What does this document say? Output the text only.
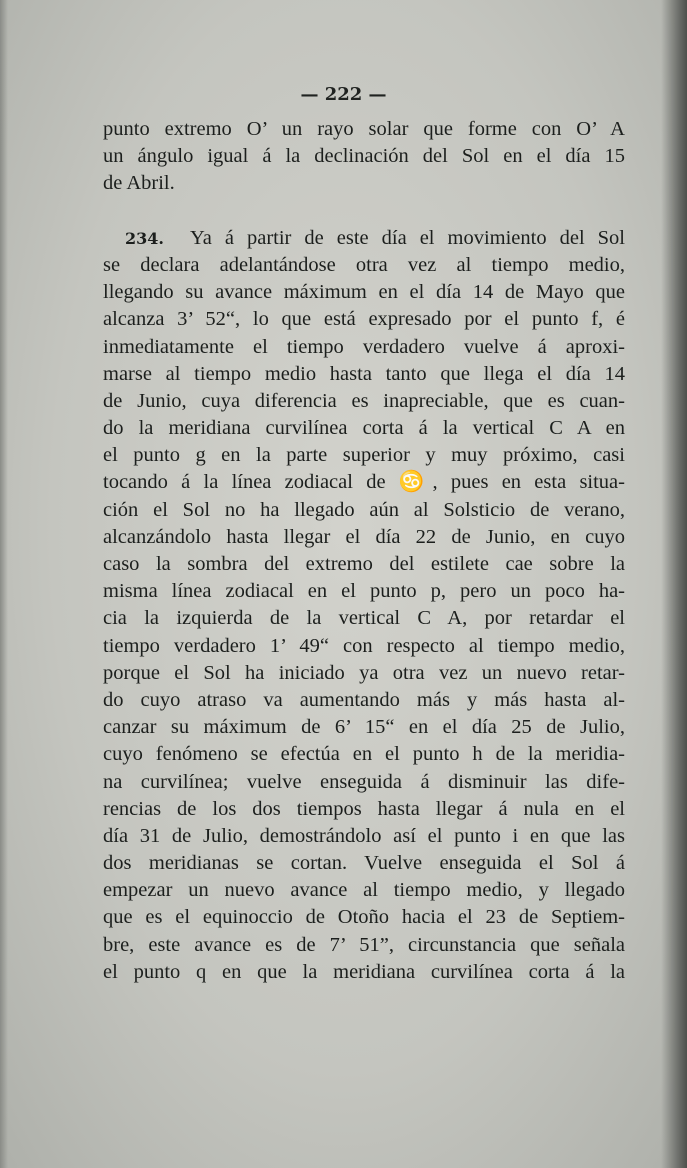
— 222 —
punto extremo O’ un rayo solar que forme con O’ A
un ángulo igual á la declinación del Sol en el día 15
de Abril.
234. Ya á partir de este día el movimiento del Sol
se declara adelantándose otra vez al tiempo medio,
llegando su avance máximum en el día 14 de Mayo que
alcanza 3’ 52“, lo que está expresado por el punto f, é
inmediatamente el tiempo verdadero vuelve á aproxi-
marse al tiempo medio hasta tanto que llega el día 14
de Junio, cuya diferencia es inapreciable, que es cuan-
do la meridiana curvilínea corta á la vertical C A en
el punto g en la parte superior y muy próximo, casi
tocando á la línea zodiacal de ♋, pues en esta situa-
ción el Sol no ha llegado aún al Solsticio de verano,
alcanzándolo hasta llegar el día 22 de Junio, en cuyo
caso la sombra del extremo del estilete cae sobre la
misma línea zodiacal en el punto p, pero un poco ha-
cia la izquierda de la vertical C A, por retardar el
tiempo verdadero 1’ 49“ con respecto al tiempo medio,
porque el Sol ha iniciado ya otra vez un nuevo retar-
do cuyo atraso va aumentando más y más hasta al-
canzar su máximum de 6’ 15“ en el día 25 de Julio,
cuyo fenómeno se efectúa en el punto h de la meridia-
na curvilínea; vuelve enseguida á disminuir las dife-
rencias de los dos tiempos hasta llegar á nula en el
día 31 de Julio, demostrándolo así el punto i en que las
dos meridianas se cortan. Vuelve enseguida el Sol á
empezar un nuevo avance al tiempo medio, y llegado
que es el equinoccio de Otoño hacia el 23 de Septiem-
bre, este avance es de 7’ 51”, circunstancia que señala
el punto q en que la meridiana curvilínea corta á la
